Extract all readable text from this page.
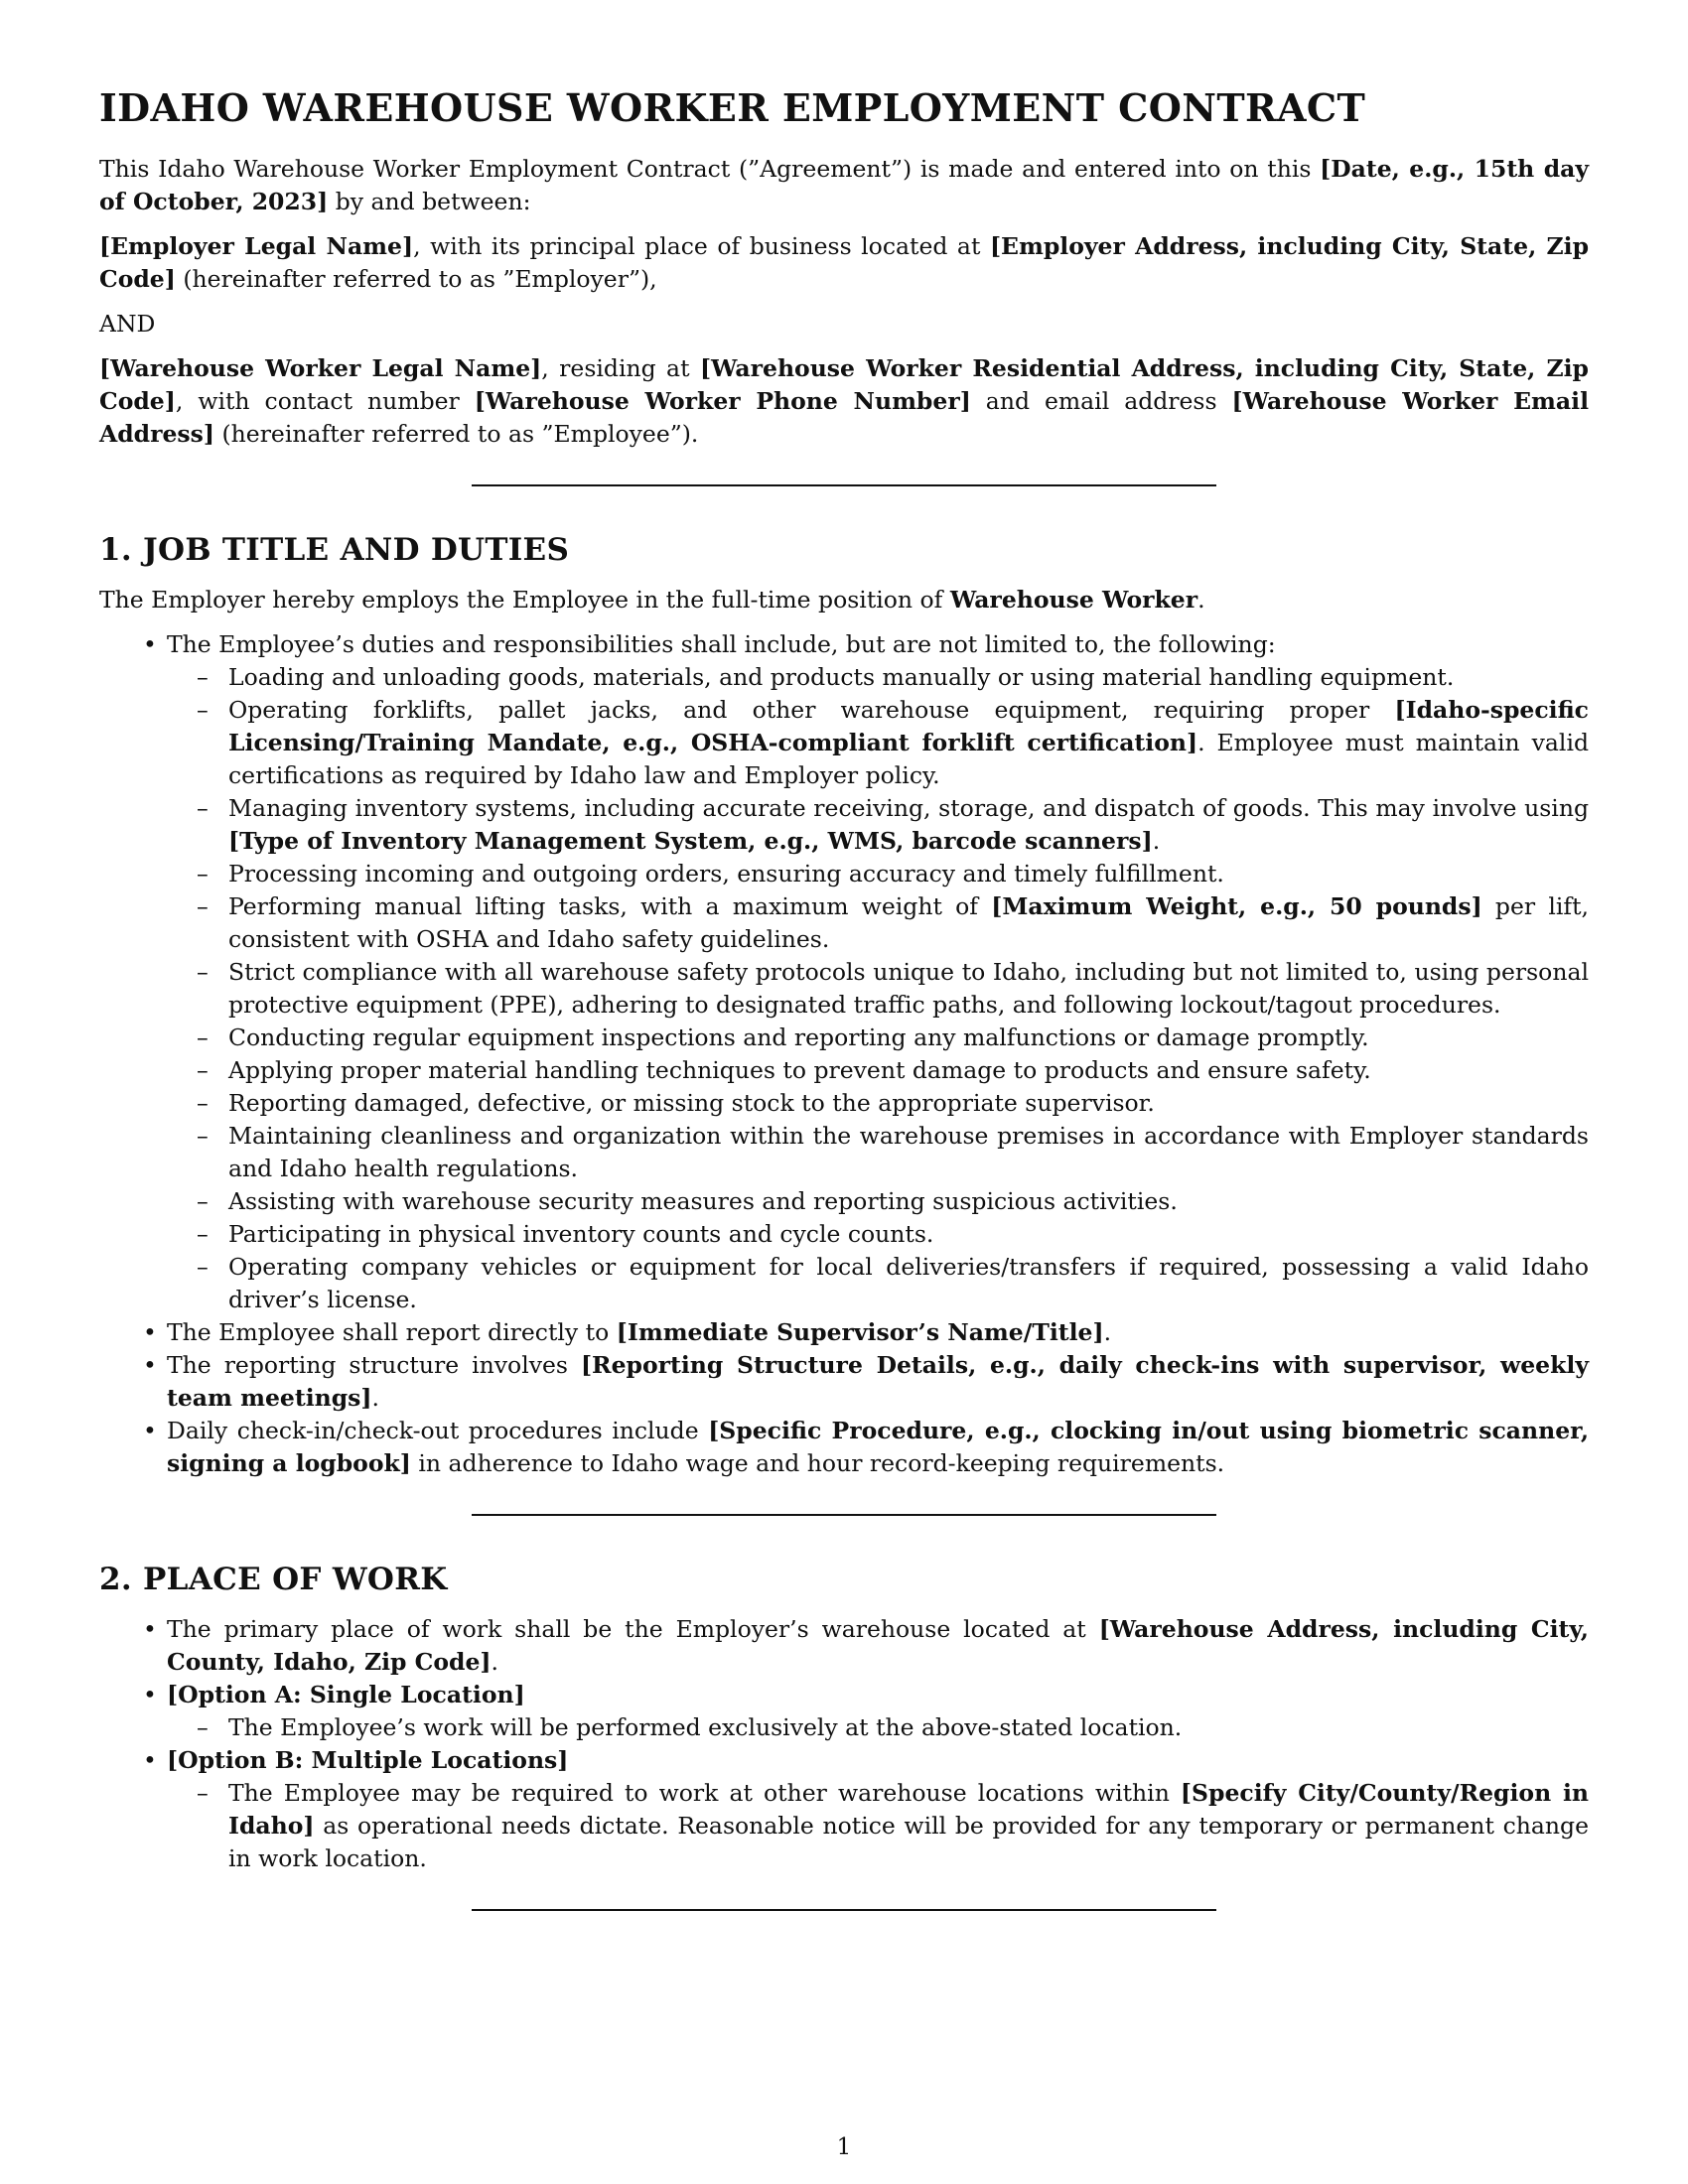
IDAHO WAREHOUSE WORKER EMPLOYMENT CONTRACT

This Idaho Warehouse Worker Employment Contract (”Agreement”) is made and entered into on this [Date, e.g., 15th day of October, 2023] by and between:

[Employer Legal Name], with its principal place of business located at [Employer Address, including City, State, Zip Code] (hereinafter referred to as ”Employer”),

AND

[Warehouse Worker Legal Name], residing at [Warehouse Worker Residential Address, including City, State, Zip Code], with contact number [Warehouse Worker Phone Number] and email address [Warehouse Worker Email Address] (hereinafter referred to as ”Employee”).

1. JOB TITLE AND DUTIES

The Employer hereby employs the Employee in the full-time position of Warehouse Worker.

• The Employee’s duties and responsibilities shall include, but are not limited to, the following:
– Loading and unloading goods, materials, and products manually or using material handling equipment.
– Operating forklifts, pallet jacks, and other warehouse equipment, requiring proper [Idaho-specific Licensing/Training Mandate, e.g., OSHA-compliant forklift certification]. Employee must maintain valid certifications as required by Idaho law and Employer policy.
– Managing inventory systems, including accurate receiving, storage, and dispatch of goods. This may involve using [Type of Inventory Management System, e.g., WMS, barcode scanners].
– Processing incoming and outgoing orders, ensuring accuracy and timely fulfillment.
– Performing manual lifting tasks, with a maximum weight of [Maximum Weight, e.g., 50 pounds] per lift, consistent with OSHA and Idaho safety guidelines.
– Strict compliance with all warehouse safety protocols unique to Idaho, including but not limited to, using personal protective equipment (PPE), adhering to designated traffic paths, and following lockout/tagout procedures.
– Conducting regular equipment inspections and reporting any malfunctions or damage promptly.
– Applying proper material handling techniques to prevent damage to products and ensure safety.
– Reporting damaged, defective, or missing stock to the appropriate supervisor.
– Maintaining cleanliness and organization within the warehouse premises in accordance with Employer standards and Idaho health regulations.
– Assisting with warehouse security measures and reporting suspicious activities.
– Participating in physical inventory counts and cycle counts.
– Operating company vehicles or equipment for local deliveries/transfers if required, possessing a valid Idaho driver’s license.
• The Employee shall report directly to [Immediate Supervisor’s Name/Title].
• The reporting structure involves [Reporting Structure Details, e.g., daily check-ins with supervisor, weekly team meetings].
• Daily check-in/check-out procedures include [Specific Procedure, e.g., clocking in/out using biometric scanner, signing a logbook] in adherence to Idaho wage and hour record-keeping requirements.
2. PLACE OF WORK
• The primary place of work shall be the Employer’s warehouse located at [Warehouse Address, including City, County, Idaho, Zip Code].
• [Option A: Single Location]
– The Employee’s work will be performed exclusively at the above-stated location.
• [Option B: Multiple Locations]
– The Employee may be required to work at other warehouse locations within [Specify City/County/Region in Idaho] as operational needs dictate. Reasonable notice will be provided for any temporary or permanent change in work location.
1
